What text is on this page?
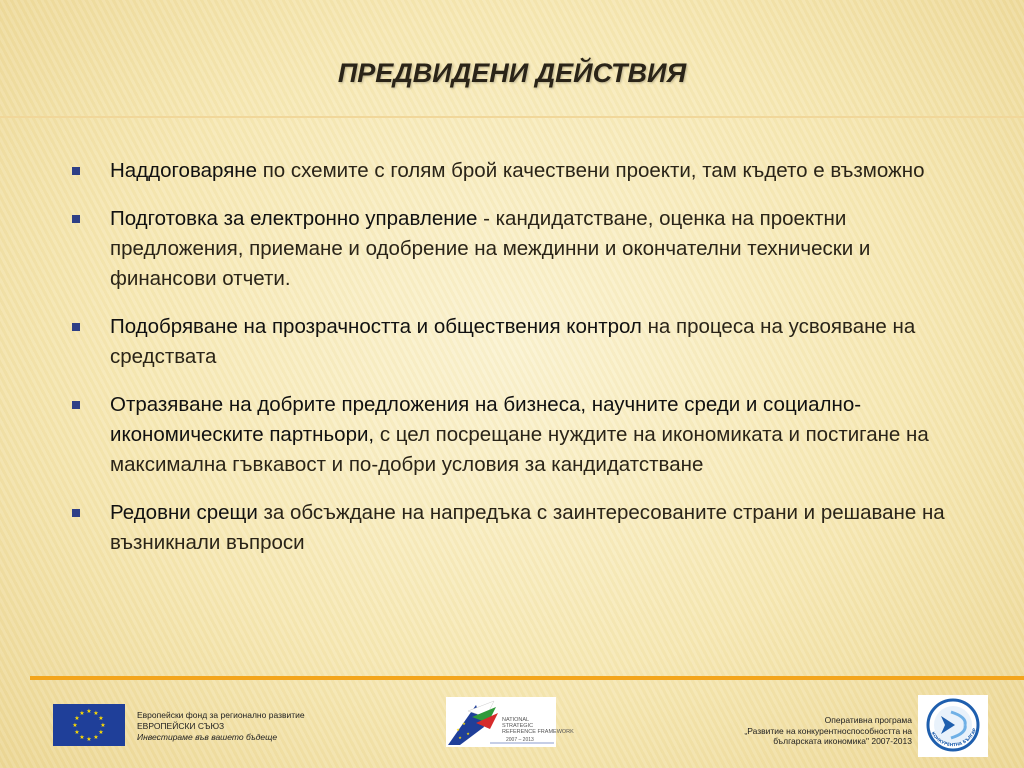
ПРЕДВИДЕНИ ДЕЙСТВИЯ
Наддоговаряне по схемите с голям брой качествени проекти, там където е възможно
Подготовка за електронно управление - кандидатстване, оценка на проектни предложения, приемане и одобрение на междинни и окончателни технически и финансови отчети.
Подобряване на прозрачността и обществения контрол на процеса на усвояване на средствата
Отразяване на добрите предложения на бизнеса, научните среди и социално-икономическите партньори, с цел посрещане нуждите на икономиката и постигане на максимална гъвкавост и по-добри условия за кандидатстване
Редовни срещи за обсъждане на напредъка с заинтересованите страни и решаване на възникнали въпроси
★ ★
★
★
★
★
★
★
★
★
★
★	Европейски фонд за регионално развитие
ЕВРОПЕЙСКИ СЪЮЗ
Инвестираме във вашето бъдеще
★
★
★
★
NATIONAL
STRATEGIC
REFERENCE FRAMEWORK
2007 – 2013
Оперативна програма
„Развитие на конкурентноспособността на
българската икономика" 2007-2013
КОНКУРЕНТНА БЪЛГАР
